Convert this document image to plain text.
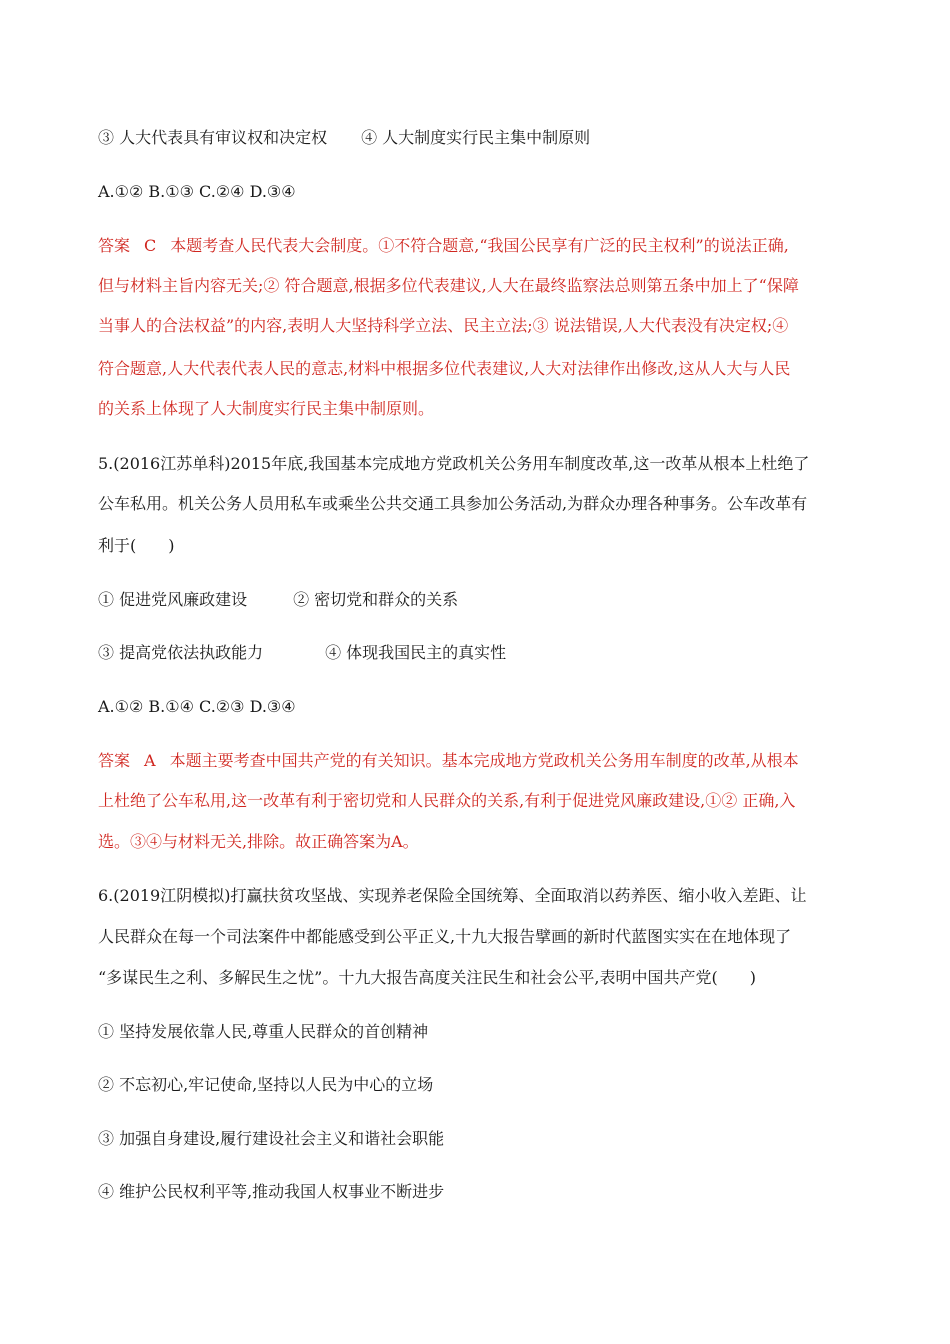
③ 人大代表具有审议权和决定权 ④ 人大制度实行民主集中制原则
A.①② B.①③ C.②④ D.③④
答案 C 本题考查人民代表大会制度。①不符合题意,“我国公民享有广泛的民主权利”的说法正确,
但与材料主旨内容无关;② 符合题意,根据多位代表建议,人大在最终监察法总则第五条中加上了“保障
当事人的合法权益”的内容,表明人大坚持科学立法、民主立法;③ 说法错误,人大代表没有决定权;④
符合题意,人大代表代表人民的意志,材料中根据多位代表建议,人大对法律作出修改,这从人大与人民
的关系上体现了人大制度实行民主集中制原则。
5.(2016江苏单科)2015年底,我国基本完成地方党政机关公务用车制度改革,这一改革从根本上杜绝了
公车私用。机关公务人员用私车或乘坐公共交通工具参加公务活动,为群众办理各种事务。公车改革有
利于(　　)
① 促进党风廉政建设	② 密切党和群众的关系
③ 提高党依法执政能力	④ 体现我国民主的真实性
A.①② B.①④ C.②③ D.③④
答案 A 本题主要考查中国共产党的有关知识。基本完成地方党政机关公务用车制度的改革,从根本
上杜绝了公车私用,这一改革有利于密切党和人民群众的关系,有利于促进党风廉政建设,①② 正确,入
选。③④与材料无关,排除。故正确答案为A。
6.(2019江阴模拟)打赢扶贫攻坚战、实现养老保险全国统筹、全面取消以药养医、缩小收入差距、让
人民群众在每一个司法案件中都能感受到公平正义,十九大报告擘画的新时代蓝图实实在在地体现了
“多谋民生之利、多解民生之忧”。十九大报告高度关注民生和社会公平,表明中国共产党(　　)
① 坚持发展依靠人民,尊重人民群众的首创精神
② 不忘初心,牢记使命,坚持以人民为中心的立场
③ 加强自身建设,履行建设社会主义和谐社会职能
④ 维护公民权利平等,推动我国人权事业不断进步
